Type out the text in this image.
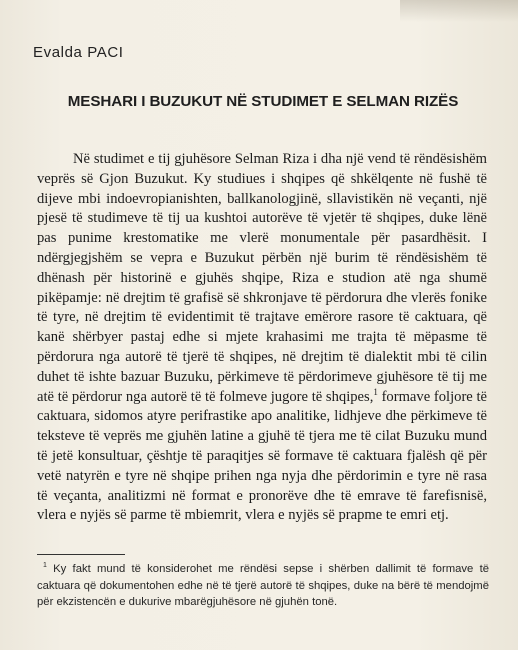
Evalda PACI
MESHARI I BUZUKUT NË STUDIMET E SELMAN RIZËS
Në studimet e tij gjuhësore Selman Riza i dha një vend të rëndësishëm veprës së Gjon Buzukut. Ky studiues i shqipes që shkëlqente në fushë të dijeve mbi indoevropianishten, ballkanologjinë, sllavistikën në veçanti, një pjesë të studimeve të tij ua kushtoi autorëve të vjetër të shqipes, duke lënë pas punime krestomatike me vlerë monumentale për pasardhësit. I ndërgjegjshëm se vepra e Buzukut përbën një burim të rëndësishëm të dhënash për historinë e gjuhës shqipe, Riza e studion atë nga shumë pikëpamje: në drejtim të grafisë së shkronjave të përdorura dhe vlerës fonike të tyre, në drejtim të evidentimit të trajtave emërore rasore të caktuara, që kanë shërbyer pastaj edhe si mjete krahasimi me trajta të mëpasme të përdorura nga autorë të tjerë të shqipes, në drejtim të dialektit mbi të cilin duhet të ishte bazuar Buzuku, përkimeve të përdorimeve gjuhësore të tij me atë të përdorur nga autorë të tё folmeve jugore të shqipes,$^1$ formave foljore të caktuara, sidomos atyre perifrastike apo analitike, lidhjeve dhe përkimeve të teksteve të veprës me gjuhën latine a gjuhë të tjera me të cilat Buzuku mund të jetë konsultuar, çështje të paraqitjes së formave të caktuara fjalësh që për vetë natyrën e tyre në shqipe prihen nga nyja dhe përdorimin e tyre në rasa të veçanta, analitizmi në format e pronorëve dhe të emrave të farefisnisë, vlera e nyjës së parme të mbiemrit, vlera e nyjës së prapme te emri etj.
$^1$ Ky fakt mund të konsiderohet me rëndësi sepse i shërben dallimit të formave të caktuara që dokumentohen edhe në të tjerë autorë të shqipes, duke na bërë të mendojmë për ekzistencën e dukurive mbarëgjuhësore në gjuhën tonë.
